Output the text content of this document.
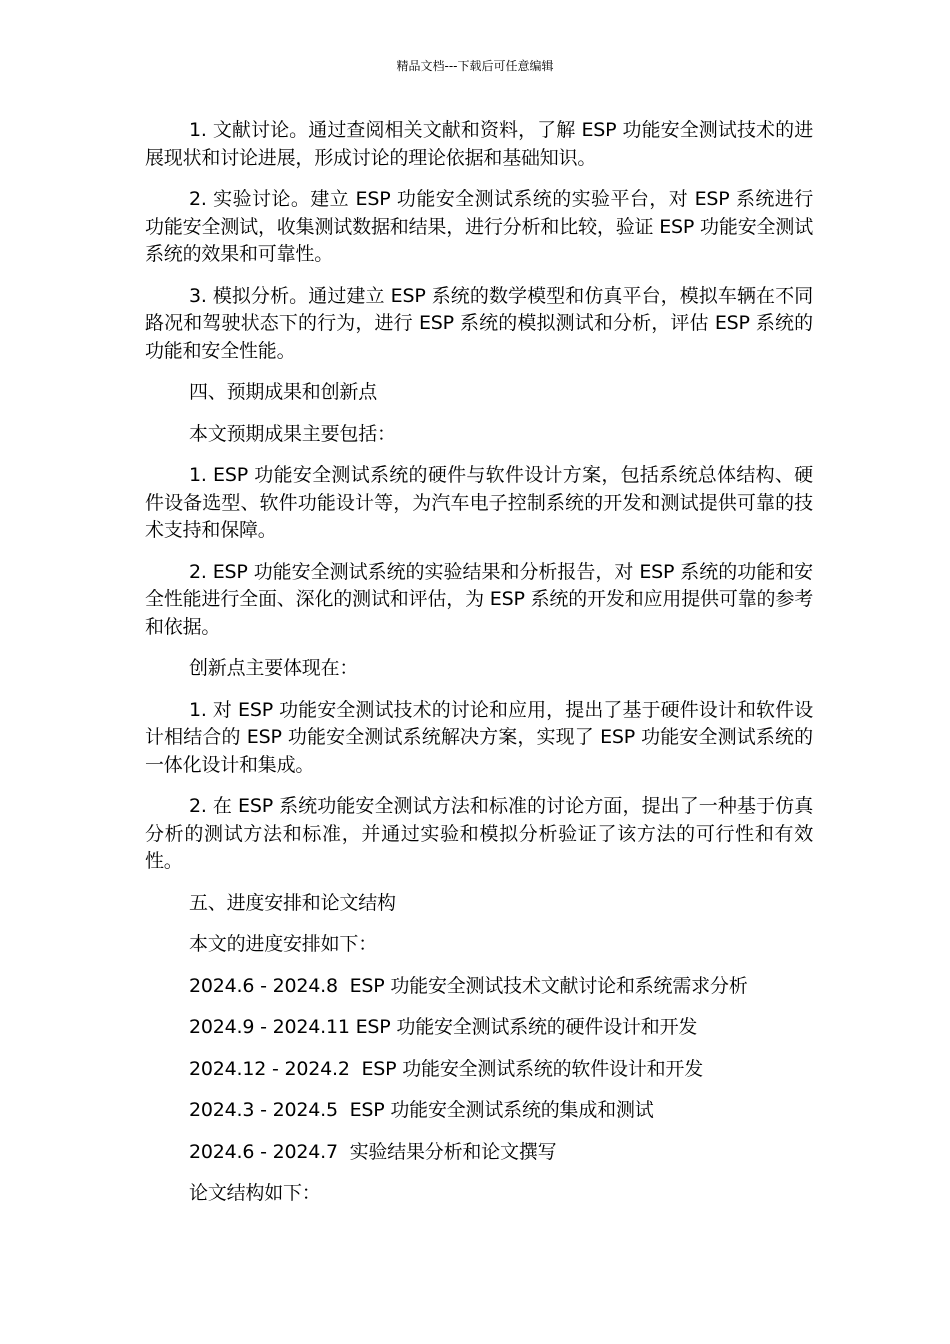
精品文档---下载后可任意编辑

1. 文献讨论。通过查阅相关文献和资料，了解 ESP 功能安全测试技术的进展现状和讨论进展，形成讨论的理论依据和基础知识。

2. 实验讨论。建立 ESP 功能安全测试系统的实验平台，对 ESP 系统进行功能安全测试，收集测试数据和结果，进行分析和比较，验证 ESP 功能安全测试系统的效果和可靠性。

3. 模拟分析。通过建立 ESP 系统的数学模型和仿真平台，模拟车辆在不同路况和驾驶状态下的行为，进行 ESP 系统的模拟测试和分析，评估 ESP 系统的功能和安全性能。

四、预期成果和创新点

本文预期成果主要包括：

1. ESP 功能安全测试系统的硬件与软件设计方案，包括系统总体结构、硬件设备选型、软件功能设计等，为汽车电子控制系统的开发和测试提供可靠的技术支持和保障。

2. ESP 功能安全测试系统的实验结果和分析报告，对 ESP 系统的功能和安全性能进行全面、深化的测试和评估，为 ESP 系统的开发和应用提供可靠的参考和依据。

创新点主要体现在：

1. 对 ESP 功能安全测试技术的讨论和应用，提出了基于硬件设计和软件设计相结合的 ESP 功能安全测试系统解决方案，实现了 ESP 功能安全测试系统的一体化设计和集成。

2. 在 ESP 系统功能安全测试方法和标准的讨论方面，提出了一种基于仿真分析的测试方法和标准，并通过实验和模拟分析验证了该方法的可行性和有效性。

五、进度安排和论文结构

本文的进度安排如下：

2024.6 - 2024.8  ESP 功能安全测试技术文献讨论和系统需求分析
2024.9 - 2024.11 ESP 功能安全测试系统的硬件设计和开发
2024.12 - 2024.2  ESP 功能安全测试系统的软件设计和开发
2024.3 - 2024.5  ESP 功能安全测试系统的集成和测试
2024.6 - 2024.7  实验结果分析和论文撰写

论文结构如下：
